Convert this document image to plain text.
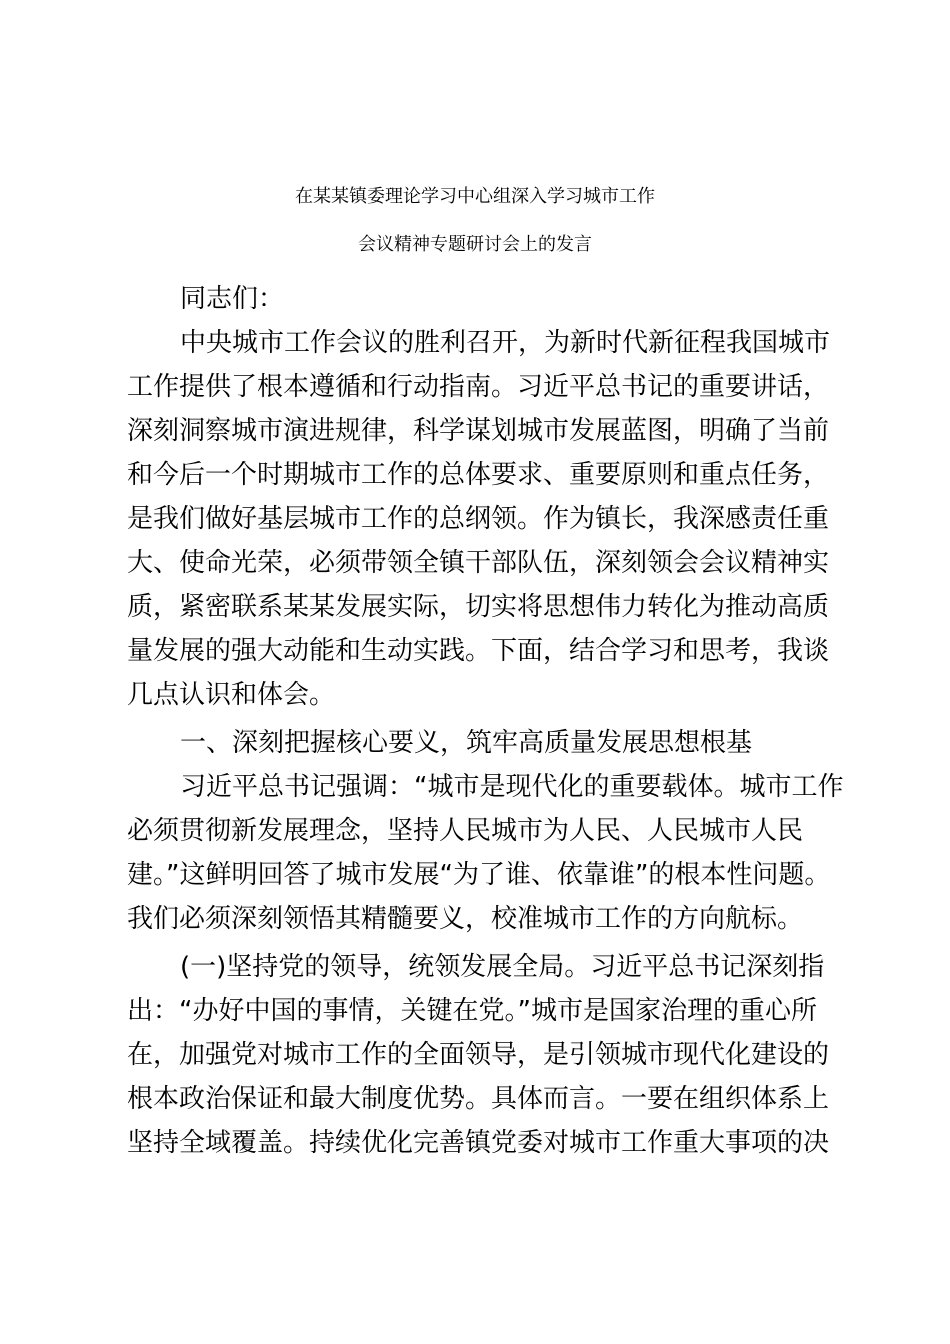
在某某镇委理论学习中心组深入学习城市工作
会议精神专题研讨会上的发言

同志们：

中央城市工作会议的胜利召开，为新时代新征程我国城市

工作提供了根本遵循和行动指南。习近平总书记的重要讲话，

深刻洞察城市演进规律，科学谋划城市发展蓝图，明确了当前

和今后一个时期城市工作的总体要求、重要原则和重点任务，

是我们做好基层城市工作的总纲领。作为镇长，我深感责任重

大、使命光荣，必须带领全镇干部队伍，深刻领会会议精神实

质，紧密联系某某发展实际，切实将思想伟力转化为推动高质

量发展的强大动能和生动实践。下面，结合学习和思考，我谈

几点认识和体会。

一、深刻把握核心要义，筑牢高质量发展思想根基

习近平总书记强调：“城市是现代化的重要载体。城市工作

必须贯彻新发展理念，坚持人民城市为人民、人民城市人民

建。”这鲜明回答了城市发展“为了谁、依靠谁”的根本性问题。

我们必须深刻领悟其精髓要义，校准城市工作的方向航标。

(一)坚持党的领导，统领发展全局。习近平总书记深刻指

出：“办好中国的事情，关键在党。”城市是国家治理的重心所

在，加强党对城市工作的全面领导，是引领城市现代化建设的

根本政治保证和最大制度优势。具体而言。一要在组织体系上

坚持全域覆盖。持续优化完善镇党委对城市工作重大事项的决
